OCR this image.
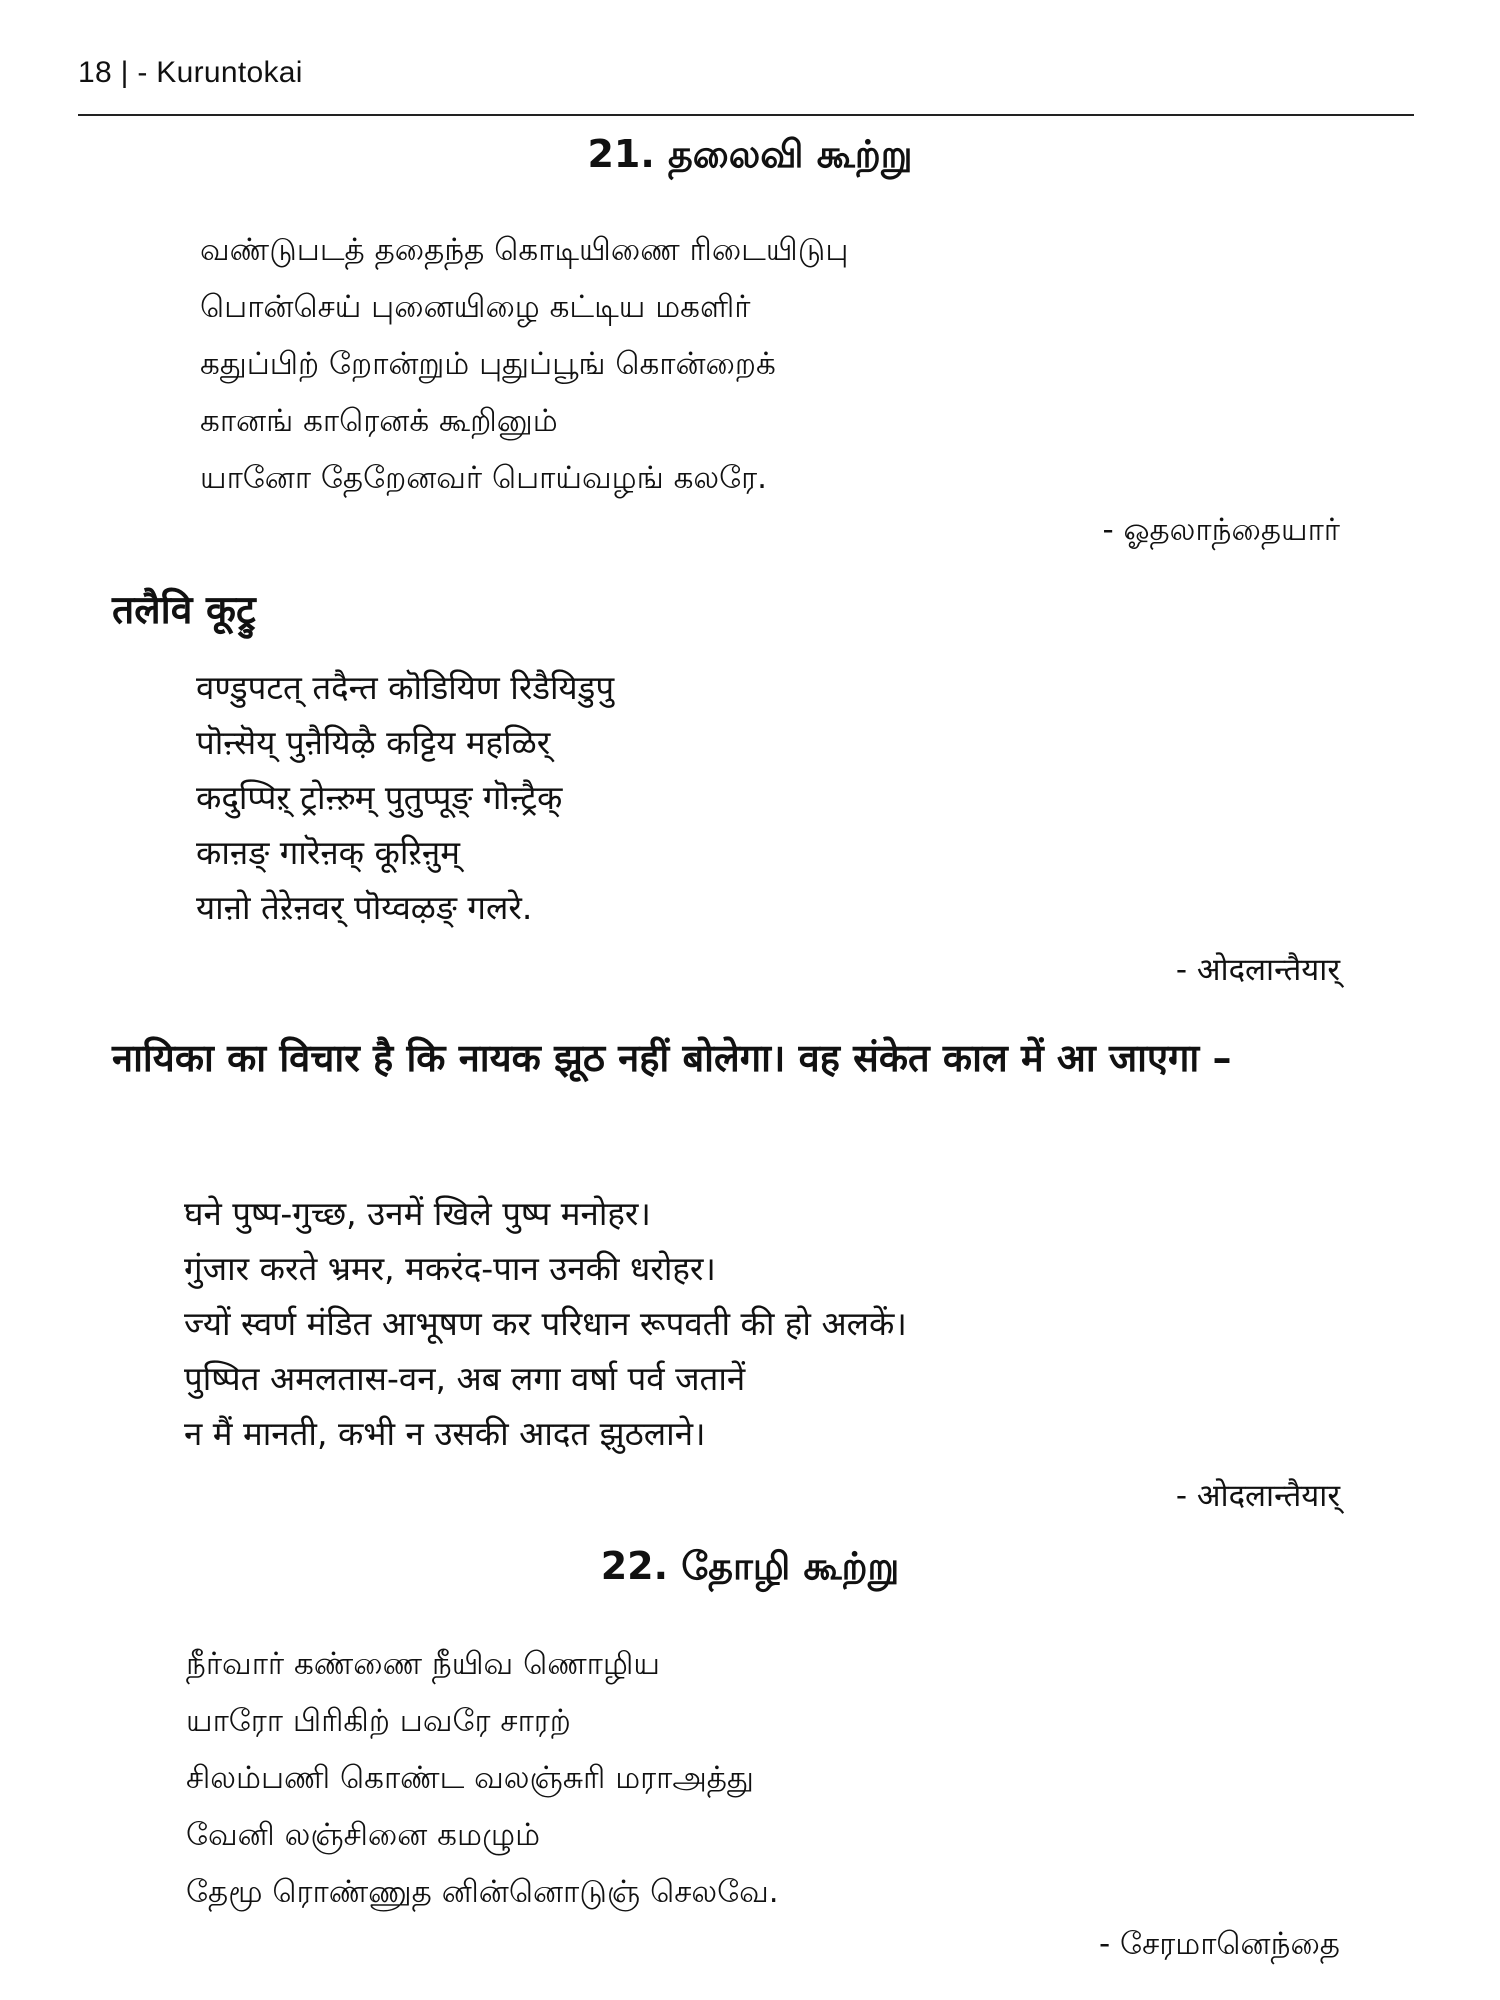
18 | - Kuruntokai
21. தலைவி கூற்று
வண்டுபடத் ததைந்த கொடியிணை ரிடையிடுபு
பொன்செய் புனையிழை கட்டிய மகளிர்
கதுப்பிற் றோன்றும் புதுப்பூங் கொன்றைக்
கானங் காரெனக் கூறினும்
யானோ தேறேனவர் பொய்வழங் கலரே.
- ஓதலாந்தையார்
तलैवि कूट्रु
वण्डुपटत् तदैन्त कॊडियिण रिडैयिडुपु
पॊऩ्सॆय् पुऩैयिऴै कट्टिय महळिर्
कदुप्पिऱ् ट्रोऩ्ऱुम् पुतुप्पूङ् गॊऩ्ट्रैक्
काऩङ् गारॆऩक् कूऱिऩुम्
याऩो तेऱेऩवर् पॊय्वऴङ् गलरे.
- ओदलान्तैयार्

नायिका का विचार है कि नायक झूठ नहीं बोलेगा। वह संकेत काल में आ जाएगा –

घने पुष्प-गुच्छ, उनमें खिले पुष्प मनोहर।
गुंजार करते भ्रमर, मकरंद-पान उनकी धरोहर।
ज्यों स्वर्ण मंडित आभूषण कर परिधान रूपवती की हो अलकें।
पुष्पित अमलतास-वन, अब लगा वर्षा पर्व जतानें
न मैं मानती, कभी न उसकी आदत झुठलाने।
- ओदलान्तैयार्
22. தோழி கூற்று
நீர்வார் கண்ணை நீயிவ ணொழிய
யாரோ பிரிகிற் பவரே சாரற்
சிலம்பணி கொண்ட வலஞ்சுரி மராஅத்து
வேனி லஞ்சினை கமழும்
தேமூ ரொண்ணுத னின்னொடுஞ் செலவே.
- சேரமானெந்தை
